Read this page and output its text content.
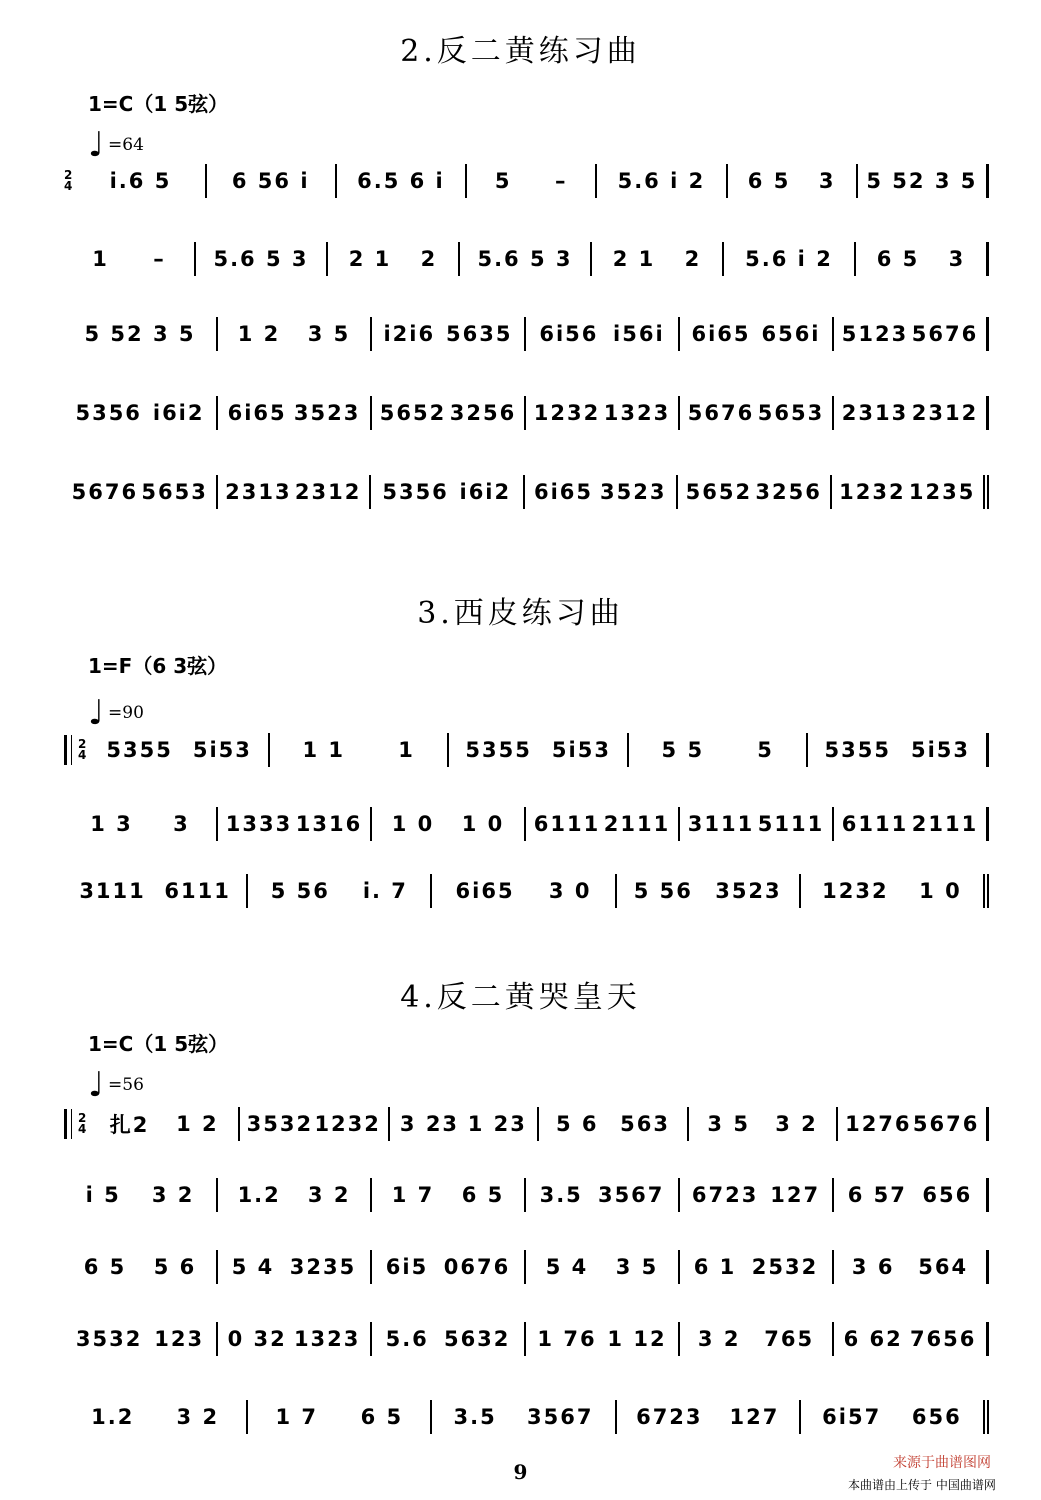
2.反二黄练习曲
1=C（1 5弦）
♩ =64
3.西皮练习曲
1=F（6 3弦）
♩ =90
4.反二黄哭皇天
1=C（1 5弦）
♩ =56
2
4 i.6 5	6 56 i 6.5 6 i 5 – 5.6 i 2 6 5 3 5 52 3 5
1 – 5.6 5 3 2 1 2 5.6 5 3 2 1 2 5.6 i 2 6 5 3
5 52 3 5 1 2 3 5 i2i6 5635 6i56 i56i 6i65 656i 5123 5676
5356 i6i2 6i65 3523 5652 3256 1232 1323 5676 5653 2313 2312
5676 5653 2313 2312 5356 i6i2 6i65 3523 5652 3256 1232 1235
2
4 5355 5i53 1 1	1 5355 5i53 5 5	5 5355 5i53
1 3 3 1333 1316 1 0 1 0 6111 2111 3111 5111 6111 2111
3111 6111 5 56 i. 7 6i65 3 0 5 56 3523 1232 1 0
2
4 扎2 1 2 3532 1232 3 23 1 23 5 6 563 3 5 3 2 1276 5676
i 5 3 2 1.2 3 2 1 7 6 5 3.5 3567 6723 127 6 57 656
6 5 5 6 5 4 3235 6i5 0676 5 4 3 5 6 1 2532 3 6 564
3532 123 0 32 1323 5.6 5632 1 76 1 12 3 2 765 6 62 7656
1.2 3 2	1 7 6 5 3.5 3567 6723 127 6i57 656
9	来源于曲谱图网
本曲谱由上传于 中国曲谱网
